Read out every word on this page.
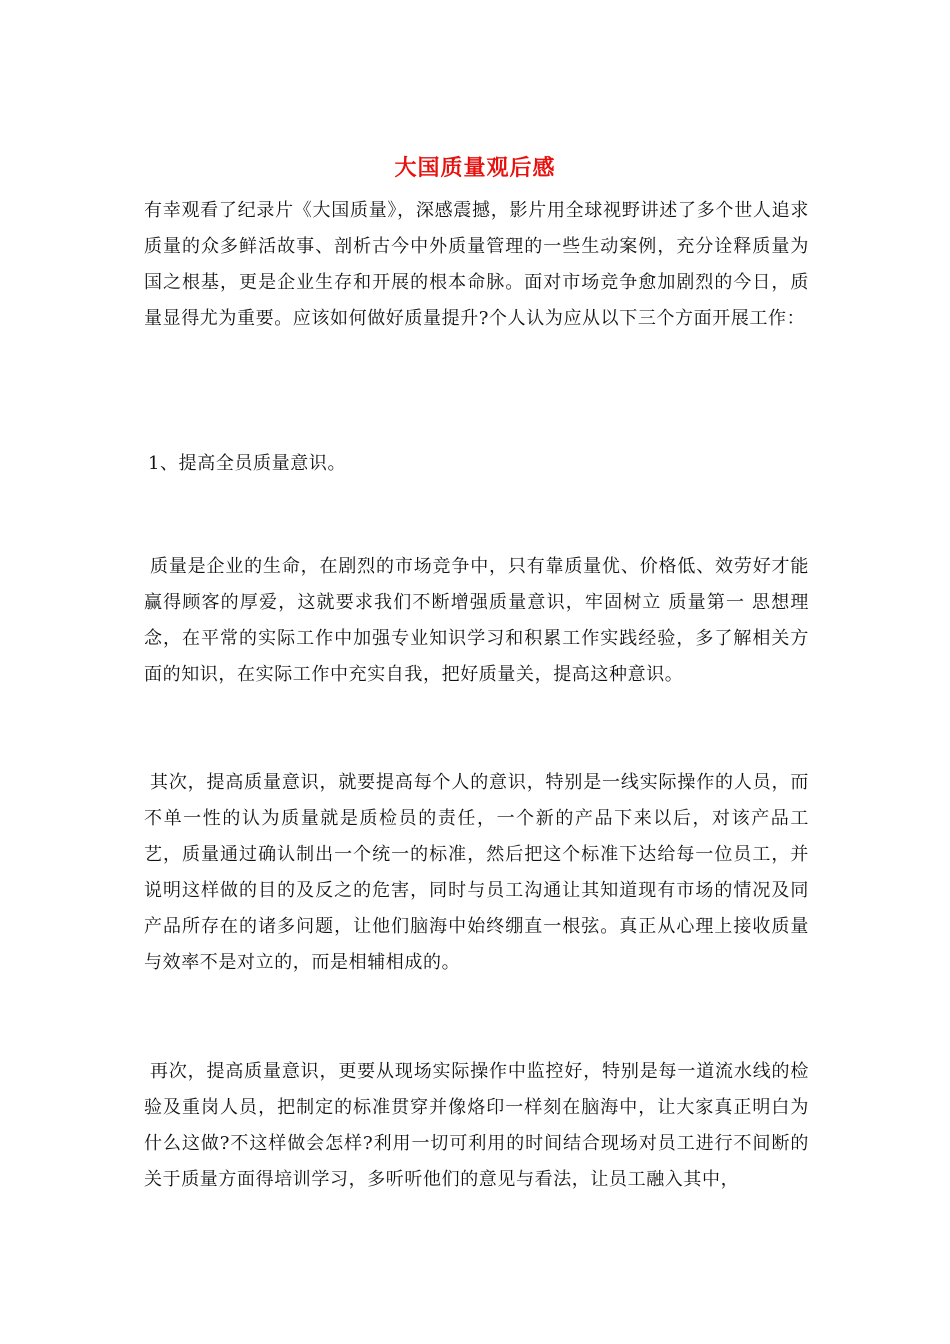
大国质量观后感

有幸观看了纪录片《大国质量》，深感震撼，影片用全球视野讲述了多个世人追求质量的众多鲜活故事、剖析古今中外质量管理的一些生动案例，充分诠释质量为国之根基，更是企业生存和开展的根本命脉。面对市场竞争愈加剧烈的今日，质量显得尤为重要。应该如何做好质量提升?个人认为应从以下三个方面开展工作：

1、提高全员质量意识。

质量是企业的生命，在剧烈的市场竞争中，只有靠质量优、价格低、效劳好才能赢得顾客的厚爱，这就要求我们不断增强质量意识，牢固树立 质量第一 思想理念，在平常的实际工作中加强专业知识学习和积累工作实践经验，多了解相关方面的知识，在实际工作中充实自我，把好质量关，提高这种意识。

其次，提高质量意识，就要提高每个人的意识，特别是一线实际操作的人员，而不单一性的认为质量就是质检员的责任，一个新的产品下来以后，对该产品工艺，质量通过确认制出一个统一的标准，然后把这个标准下达给每一位员工，并说明这样做的目的及反之的危害，同时与员工沟通让其知道现有市场的情况及同产品所存在的诸多问题，让他们脑海中始终绷直一根弦。真正从心理上接收质量与效率不是对立的，而是相辅相成的。

再次，提高质量意识，更要从现场实际操作中监控好，特别是每一道流水线的检验及重岗人员，把制定的标准贯穿并像烙印一样刻在脑海中，让大家真正明白为什么这做?不这样做会怎样?利用一切可利用的时间结合现场对员工进行不间断的关于质量方面得培训学习，多听听他们的意见与看法，让员工融入其中，
